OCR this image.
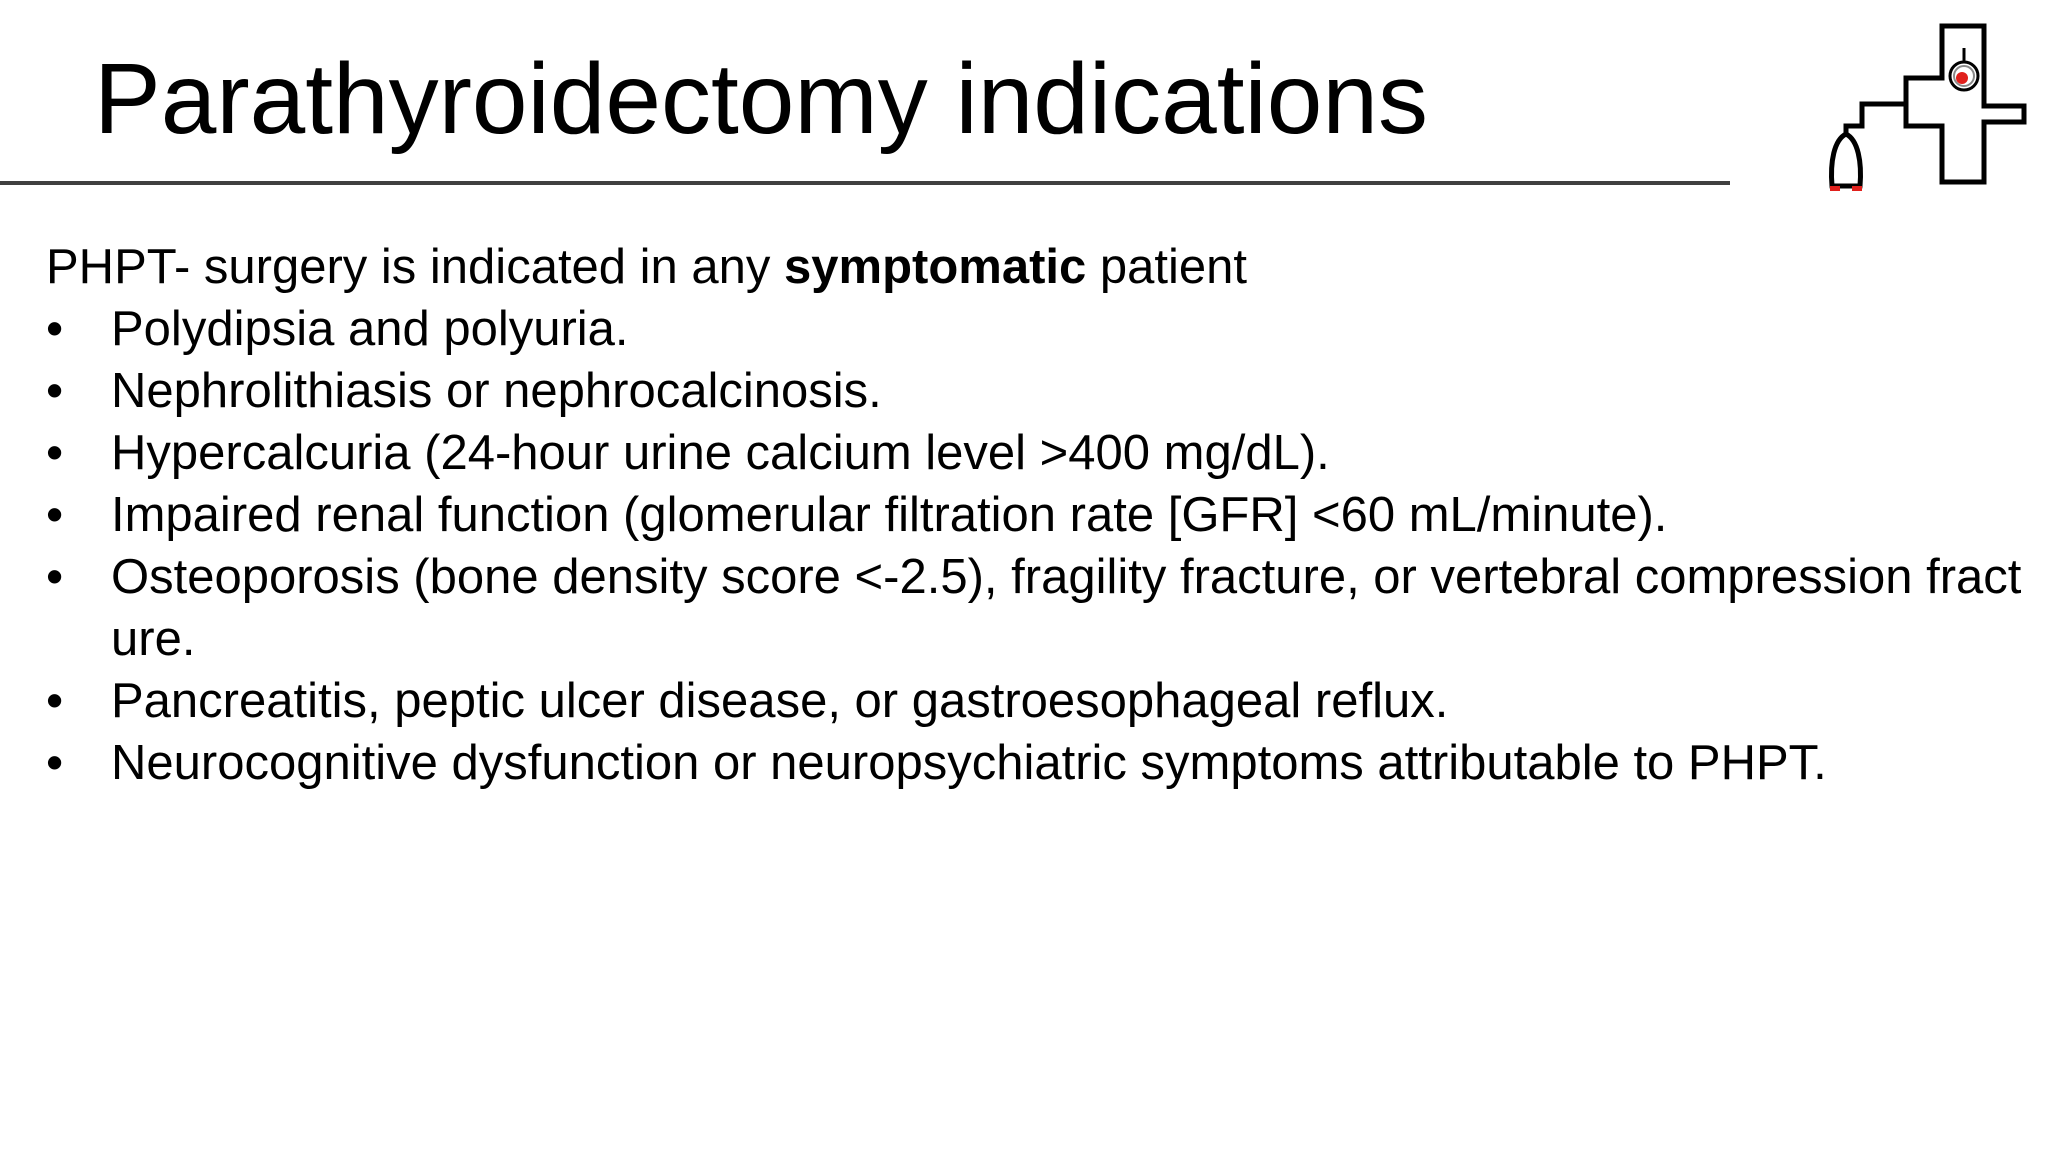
Parathyroidectomy indications

PHPT- surgery is indicated in any symptomatic patient

• Polydipsia and polyuria.
• Nephrolithiasis or nephrocalcinosis.
• Hypercalcuria (24-hour urine calcium level >400 mg/dL).
• Impaired renal function (glomerular filtration rate [GFR] <60 mL/minute).
• Osteoporosis (bone density score <-2.5), fragility fracture, or vertebral compression fracture.
• Pancreatitis, peptic ulcer disease, or gastroesophageal reflux.
• Neurocognitive dysfunction or neuropsychiatric symptoms attributable to PHPT.
